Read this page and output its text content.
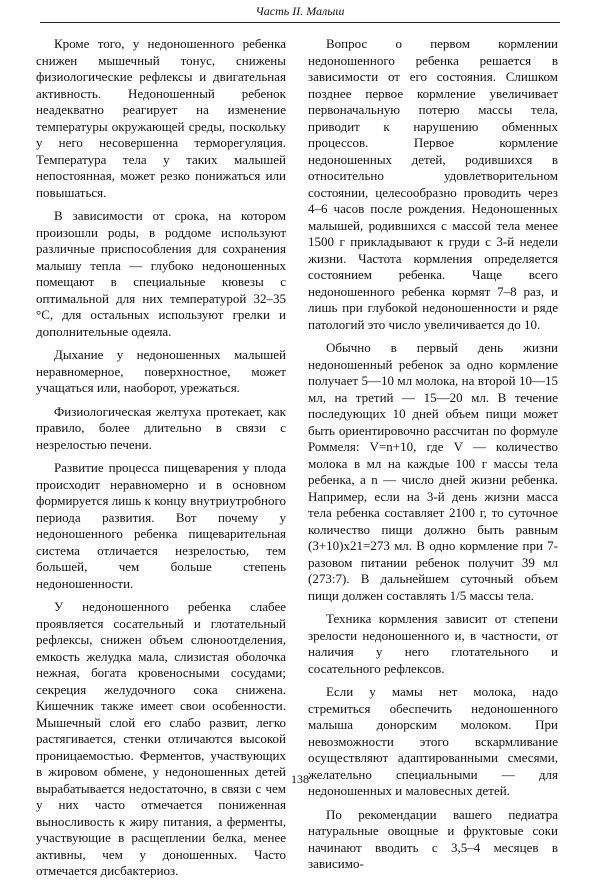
Часть II. Малыш

Кроме того, у недоношенного ребенка снижен мышечный тонус, снижены физиологические рефлексы и двигательная активность. Недоношенный ребенок неадекватно реагирует на изменение температуры окружающей среды, поскольку у него несовершенна терморегуляция. Температура тела у таких малышей непостоянная, может резко понижаться или повышаться.

В зависимости от срока, на котором произошли роды, в роддоме используют различные приспособления для сохранения малышу тепла — глубоко недоношенных помещают в специальные кювезы с оптимальной для них температурой 32–35 °С, для остальных используют грелки и дополнительные одеяла.

Дыхание у недоношенных малышей неравномерное, поверхностное, может учащаться или, наоборот, урежаться.

Физиологическая желтуха протекает, как правило, более длительно в связи с незрелостью печени.

Развитие процесса пищеварения у плода происходит неравномерно и в основном формируется лишь к концу внутриутробного периода развития. Вот почему у недоношенного ребенка пищеварительная система отличается незрелостью, тем большей, чем больше степень недоношенности.

У недоношенного ребенка слабее проявляется сосательный и глотательный рефлексы, снижен объем слюноотделения, емкость желудка мала, слизистая оболочка нежная, богата кровеносными сосудами; секреция желудочного сока снижена. Кишечник также имеет свои особенности. Мышечный слой его слабо развит, легко растягивается, стенки отличаются высокой проницаемостью. Ферментов, участвующих в жировом обмене, у недоношенных детей вырабатывается недостаточно, в связи с чем у них часто отмечается пониженная выносливость к жиру питания, а ферменты, участвующие в расщеплении белка, менее активны, чем у доношенных. Часто отмечается дисбактериоз.

Вопрос о первом кормлении недоношенного ребенка решается в зависимости от его состояния. Слишком позднее первое кормление увеличивает первоначальную потерю массы тела, приводит к нарушению обменных процессов. Первое кормление недоношенных детей, родившихся в относительно удовлетворительном состоянии, целесообразно проводить через 4–6 часов после рождения. Недоношенных малышей, родившихся с массой тела менее 1500 г прикладывают к груди с 3-й недели жизни. Частота кормления определяется состоянием ребенка. Чаще всего недоношенного ребенка кормят 7–8 раз, и лишь при глубокой недоношенности и ряде патологий это число увеличивается до 10.

Обычно в первый день жизни недоношенный ребенок за одно кормление получает 5—10 мл молока, на второй 10—15 мл, на третий — 15—20 мл. В течение последующих 10 дней объем пищи может быть ориентировочно рассчитан по формуле Роммеля: V=n+10, где V — количество молока в мл на каждые 100 г массы тела ребенка, а n — число дней жизни ребенка. Например, если на 3-й день жизни масса тела ребенка составляет 2100 г, то суточное количество пищи должно быть равным (3+10)х21=273 мл. В одно кормление при 7-разовом питании ребенок получит 39 мл (273:7). В дальнейшем суточный объем пищи должен составлять 1/5 массы тела.

Техника кормления зависит от степени зрелости недоношенного и, в частности, от наличия у него глотательного и сосательного рефлексов.

Если у мамы нет молока, надо стремиться обеспечить недоношенного малыша донорским молоком. При невозможности этого вскармливание осуществляют адаптированными смесями, желательно специальными — для недоношенных и маловесных детей.

По рекомендации вашего педиатра натуральные овощные и фруктовые соки начинают вводить с 3,5–4 месяцев в зависимо-

138
